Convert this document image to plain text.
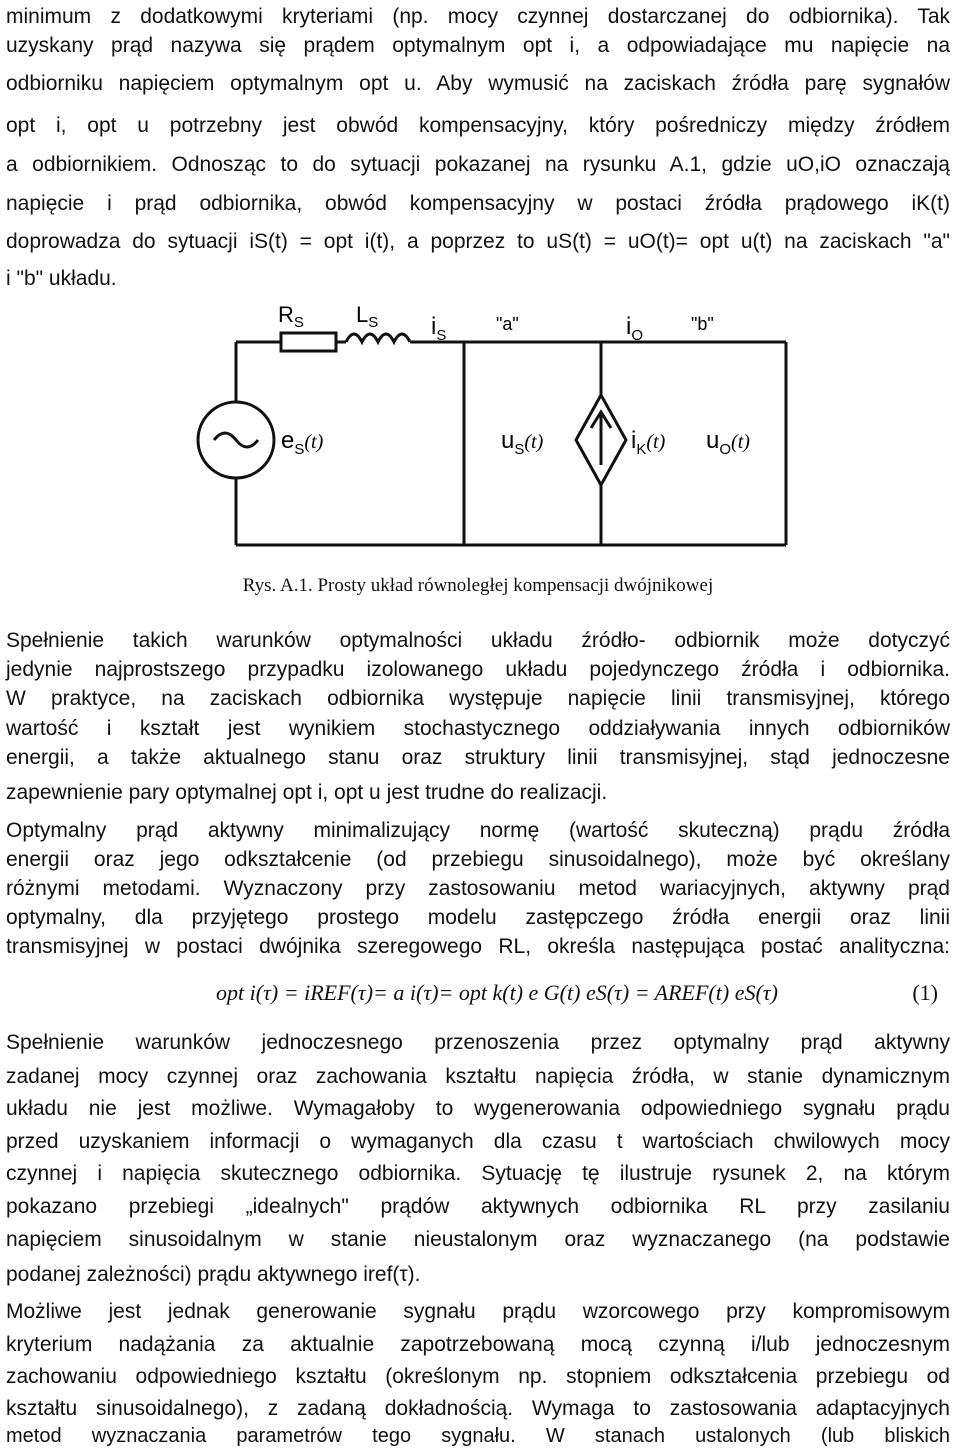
minimum z dodatkowymi kryteriami (np. mocy czynnej dostarczanej do odbiornika). Tak
uzyskany prąd nazywa się prądem optymalnym opt i, a odpowiadające mu napięcie na
odbiorniku napięciem optymalnym opt u. Aby wymusić na zaciskach źródła parę sygnałów
opt i, opt u potrzebny jest obwód kompensacyjny, który pośredniczy między źródłem
a odbiornikiem. Odnosząc to do sytuacji pokazanej na rysunku A.1, gdzie uO,iO oznaczają
napięcie i prąd odbiornika, obwód kompensacyjny w postaci źródła prądowego iK(t)
doprowadza do sytuacji iS(t) = opt i(t), a poprzez to uS(t) = uO(t)= opt u(t) na zaciskach "a"
i "b" układu.
$R_S$ $L_S$ $i_S$
"a"	$i_O$
"b"
$e_S^{(t)}$	$u_S^{(t)}$	$i_K^{(t)}$ $u_O^{(t)}$
Rys. A.1. Prosty układ równoległej kompensacji dwójnikowej
Spełnienie takich warunków optymalności układu źródło- odbiornik może dotyczyć
jedynie najprostszego przypadku izolowanego układu pojedynczego źródła i odbiornika.
W praktyce, na zaciskach odbiornika występuje napięcie linii transmisyjnej, którego
wartość i kształt jest wynikiem stochastycznego oddziaływania innych odbiorników
energii, a także aktualnego stanu oraz struktury linii transmisyjnej, stąd jednoczesne
zapewnienie pary optymalnej opt i, opt u jest trudne do realizacji.
Optymalny prąd aktywny minimalizujący normę (wartość skuteczną) prądu źródła
energii oraz jego odkształcenie (od przebiegu sinusoidalnego), może być określany
różnymi metodami. Wyznaczony przy zastosowaniu metod wariacyjnych, aktywny prąd
optymalny, dla przyjętego prostego modelu zastępczego źródła energii oraz linii
transmisyjnej w postaci dwójnika szeregowego RL, określa następująca postać analityczna:
opt i(τ) = iREF(τ)= a i(τ)= opt k(t) e G(t) eS(τ) = AREF(t) eS(τ)	(1)
Spełnienie warunków jednoczesnego przenoszenia przez optymalny prąd aktywny
zadanej mocy czynnej oraz zachowania kształtu napięcia źródła, w stanie dynamicznym
układu nie jest możliwe. Wymagałoby to wygenerowania odpowiedniego sygnału prądu
przed uzyskaniem informacji o wymaganych dla czasu t wartościach chwilowych mocy
czynnej i napięcia skutecznego odbiornika. Sytuację tę ilustruje rysunek 2, na którym
pokazano przebiegi „idealnych" prądów aktywnych odbiornika RL przy zasilaniu
napięciem sinusoidalnym w stanie nieustalonym oraz wyznaczanego (na podstawie
podanej zależności) prądu aktywnego iref(τ).
Możliwe jest jednak generowanie sygnału prądu wzorcowego przy kompromisowym
kryterium nadążania za aktualnie zapotrzebowaną mocą czynną i/lub jednoczesnym
zachowaniu odpowiedniego kształtu (określonym np. stopniem odkształcenia przebiegu od
kształtu sinusoidalnego), z zadaną dokładnością. Wymaga to zastosowania adaptacyjnych
metod wyznaczania parametrów tego sygnału. W stanach ustalonych (lub bliskich
